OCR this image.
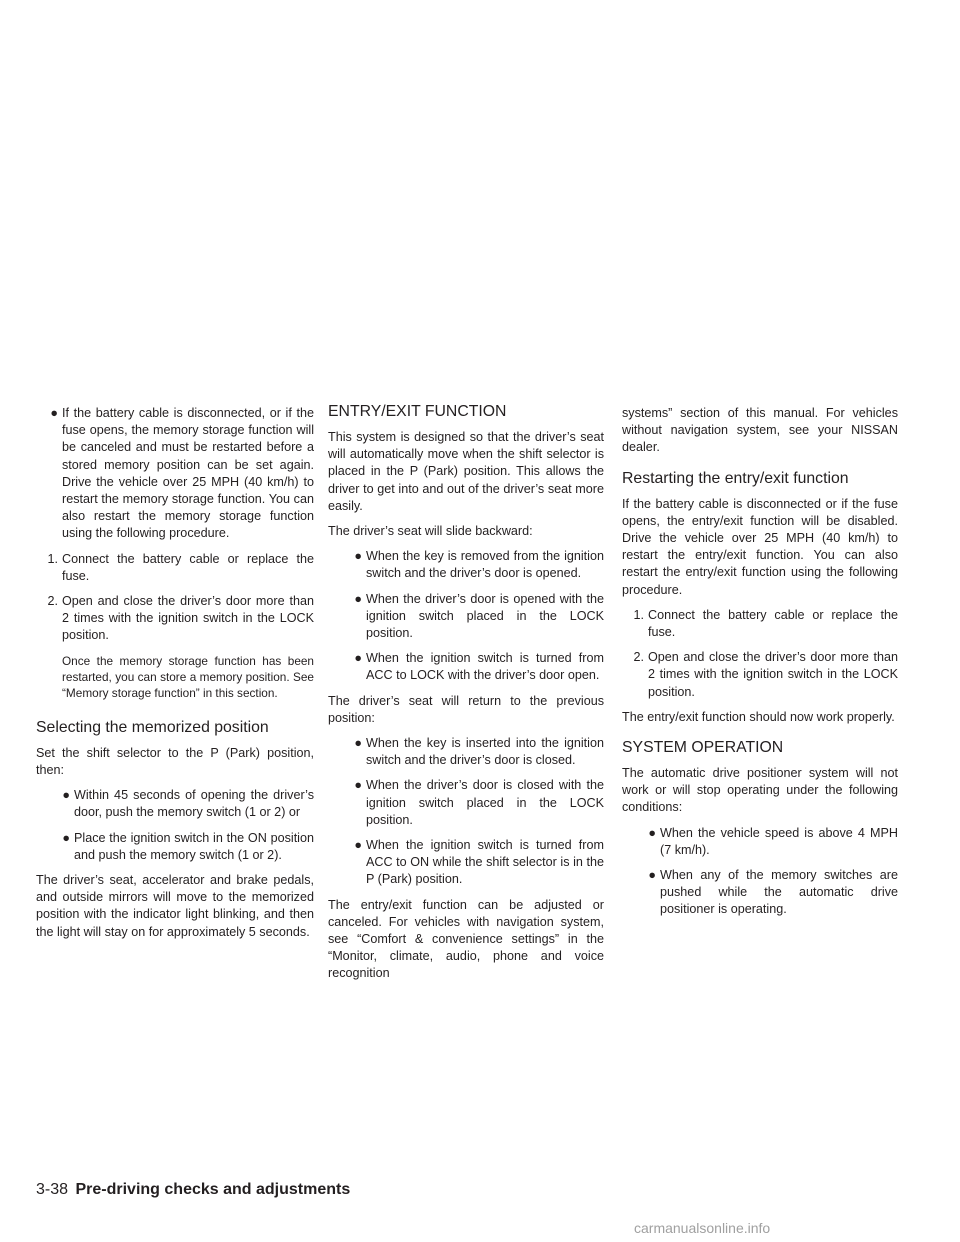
● If the battery cable is disconnected, or if the fuse opens, the memory storage function will be canceled and must be restarted before a stored memory position can be set again. Drive the vehicle over 25 MPH (40 km/h) to restart the memory storage function. You can also restart the memory storage function using the following procedure.
1. Connect the battery cable or replace the fuse.
2. Open and close the driver’s door more than 2 times with the ignition switch in the LOCK position.

Once the memory storage function has been restarted, you can store a memory position. See “Memory storage function” in this section.

Selecting the memorized position

Set the shift selector to the P (Park) position, then:

● Within 45 seconds of opening the driver’s door, push the memory switch (1 or 2) or
● Place the ignition switch in the ON position and push the memory switch (1 or 2).

The driver’s seat, accelerator and brake pedals, and outside mirrors will move to the memorized position with the indicator light blinking, and then the light will stay on for approximately 5 seconds.

ENTRY/EXIT FUNCTION

This system is designed so that the driver’s seat will automatically move when the shift selector is placed in the P (Park) position. This allows the driver to get into and out of the driver’s seat more easily.

The driver’s seat will slide backward:

● When the key is removed from the ignition switch and the driver’s door is opened.
● When the driver’s door is opened with the ignition switch placed in the LOCK position.
● When the ignition switch is turned from ACC to LOCK with the driver’s door open.

The driver’s seat will return to the previous position:

● When the key is inserted into the ignition switch and the driver’s door is closed.
● When the driver’s door is closed with the ignition switch placed in the LOCK position.
● When the ignition switch is turned from ACC to ON while the shift selector is in the P (Park) position.

The entry/exit function can be adjusted or canceled. For vehicles with navigation system, see “Comfort & convenience settings” in the “Monitor, climate, audio, phone and voice recognition

systems” section of this manual. For vehicles without navigation system, see your NISSAN dealer.

Restarting the entry/exit function

If the battery cable is disconnected or if the fuse opens, the entry/exit function will be disabled. Drive the vehicle over 25 MPH (40 km/h) to restart the entry/exit function. You can also restart the entry/exit function using the following procedure.

1. Connect the battery cable or replace the fuse.
2. Open and close the driver’s door more than 2 times with the ignition switch in the LOCK position.

The entry/exit function should now work properly.

SYSTEM OPERATION

The automatic drive positioner system will not work or will stop operating under the following conditions:

● When the vehicle speed is above 4 MPH (7 km/h).
● When any of the memory switches are pushed while the automatic drive positioner is operating.
3-38 Pre-driving checks and adjustments
carmanualsonline.info
